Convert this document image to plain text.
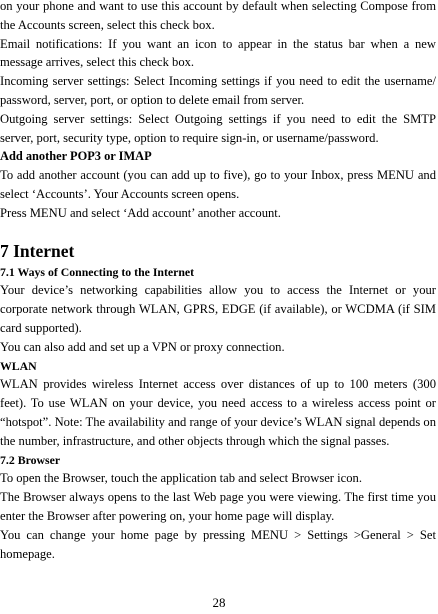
on your phone and want to use this account by default when selecting Compose from the Accounts screen, select this check box.

Email notifications: If you want an icon to appear in the status bar when a new message arrives, select this check box.

Incoming server settings: Select Incoming settings if you need to edit the username/ password, server, port, or option to delete email from server.

Outgoing server settings: Select Outgoing settings if you need to edit the SMTP server, port, security type, option to require sign-in, or username/password.

Add another POP3 or IMAP

To add another account (you can add up to five), go to your Inbox, press MENU and select ‘Accounts’. Your Accounts screen opens.

Press MENU and select ‘Add account’ another account.

7 Internet
7.1 Ways of Connecting to the Internet

Your device’s networking capabilities allow you to access the Internet or your corporate network through WLAN, GPRS, EDGE (if available), or WCDMA (if SIM card supported).

You can also add and set up a VPN or proxy connection.

WLAN

WLAN provides wireless Internet access over distances of up to 100 meters (300 feet). To use WLAN on your device, you need access to a wireless access point or “hotspot”. Note: The availability and range of your device’s WLAN signal depends on the number, infrastructure, and other objects through which the signal passes.

7.2 Browser

To open the Browser, touch the application tab and select Browser icon.

The Browser always opens to the last Web page you were viewing. The first time you enter the Browser after powering on, your home page will display.

You can change your home page by pressing MENU > Settings >General > Set homepage.

28
